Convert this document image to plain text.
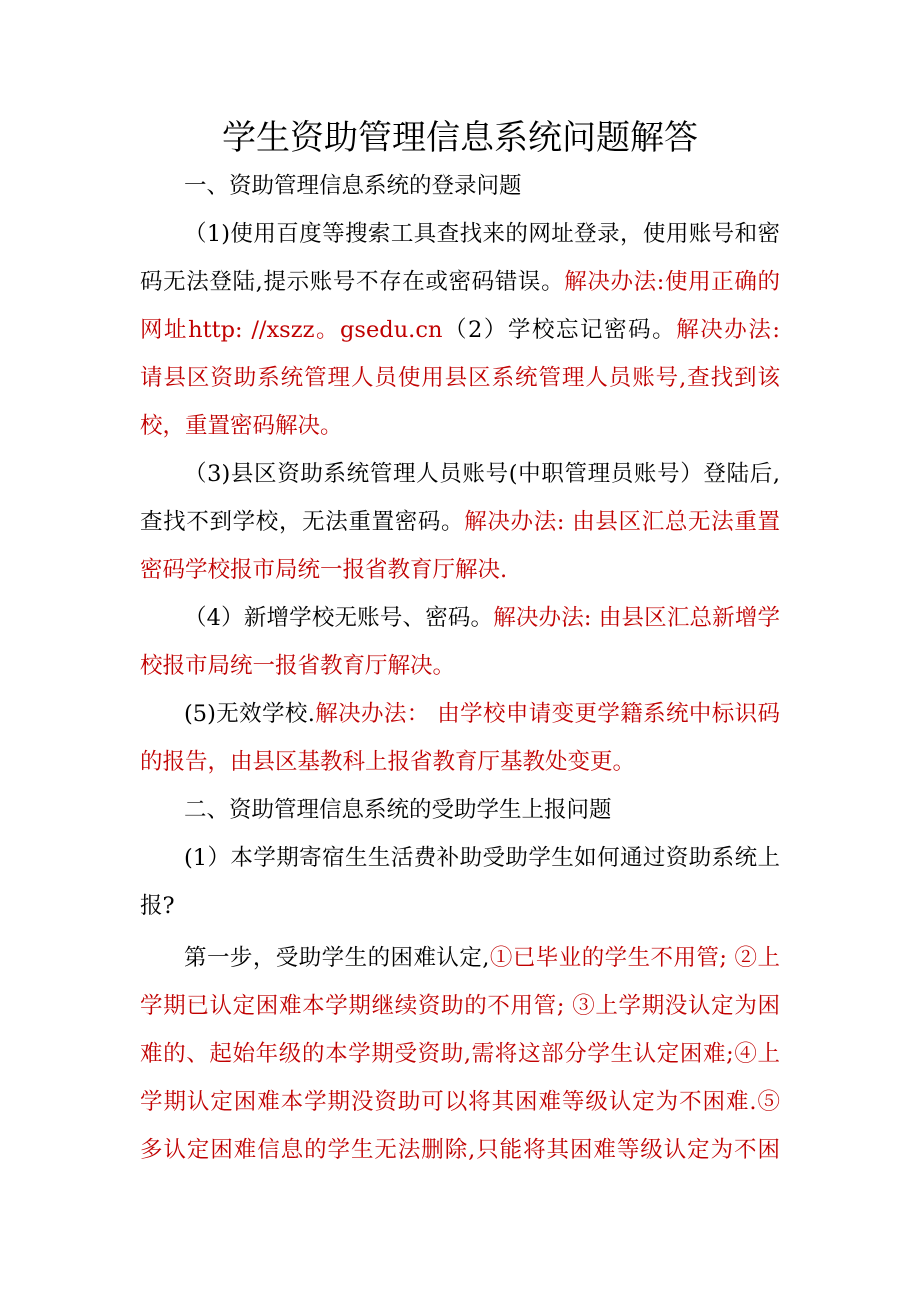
学生资助管理信息系统问题解答

一、资助管理信息系统的登录问题

（1)使用百度等搜索工具查找来的网址登录，使用账号和密

码无法登陆,提示账号不存在或密码错误。解决办法:使用正确的

网址http: //xszz。gsedu.cn（2）学校忘记密码。解决办法:

请县区资助系统管理人员使用县区系统管理人员账号,查找到该

校，重置密码解决。

（3)县区资助系统管理人员账号(中职管理员账号）登陆后,

查找不到学校，无法重置密码。解决办法: 由县区汇总无法重置

密码学校报市局统一报省教育厅解决.

（4）新增学校无账号、密码。解决办法: 由县区汇总新增学

校报市局统一报省教育厅解决。

(5)无效学校.解决办法： 由学校申请变更学籍系统中标识码

的报告，由县区基教科上报省教育厅基教处变更。

二、资助管理信息系统的受助学生上报问题

(1）本学期寄宿生生活费补助受助学生如何通过资助系统上

报?

第一步，受助学生的困难认定,①已毕业的学生不用管; ②上

学期已认定困难本学期继续资助的不用管; ③上学期没认定为困

难的、起始年级的本学期受资助,需将这部分学生认定困难;④上

学期认定困难本学期没资助可以将其困难等级认定为不困难.⑤

多认定困难信息的学生无法删除,只能将其困难等级认定为不困
